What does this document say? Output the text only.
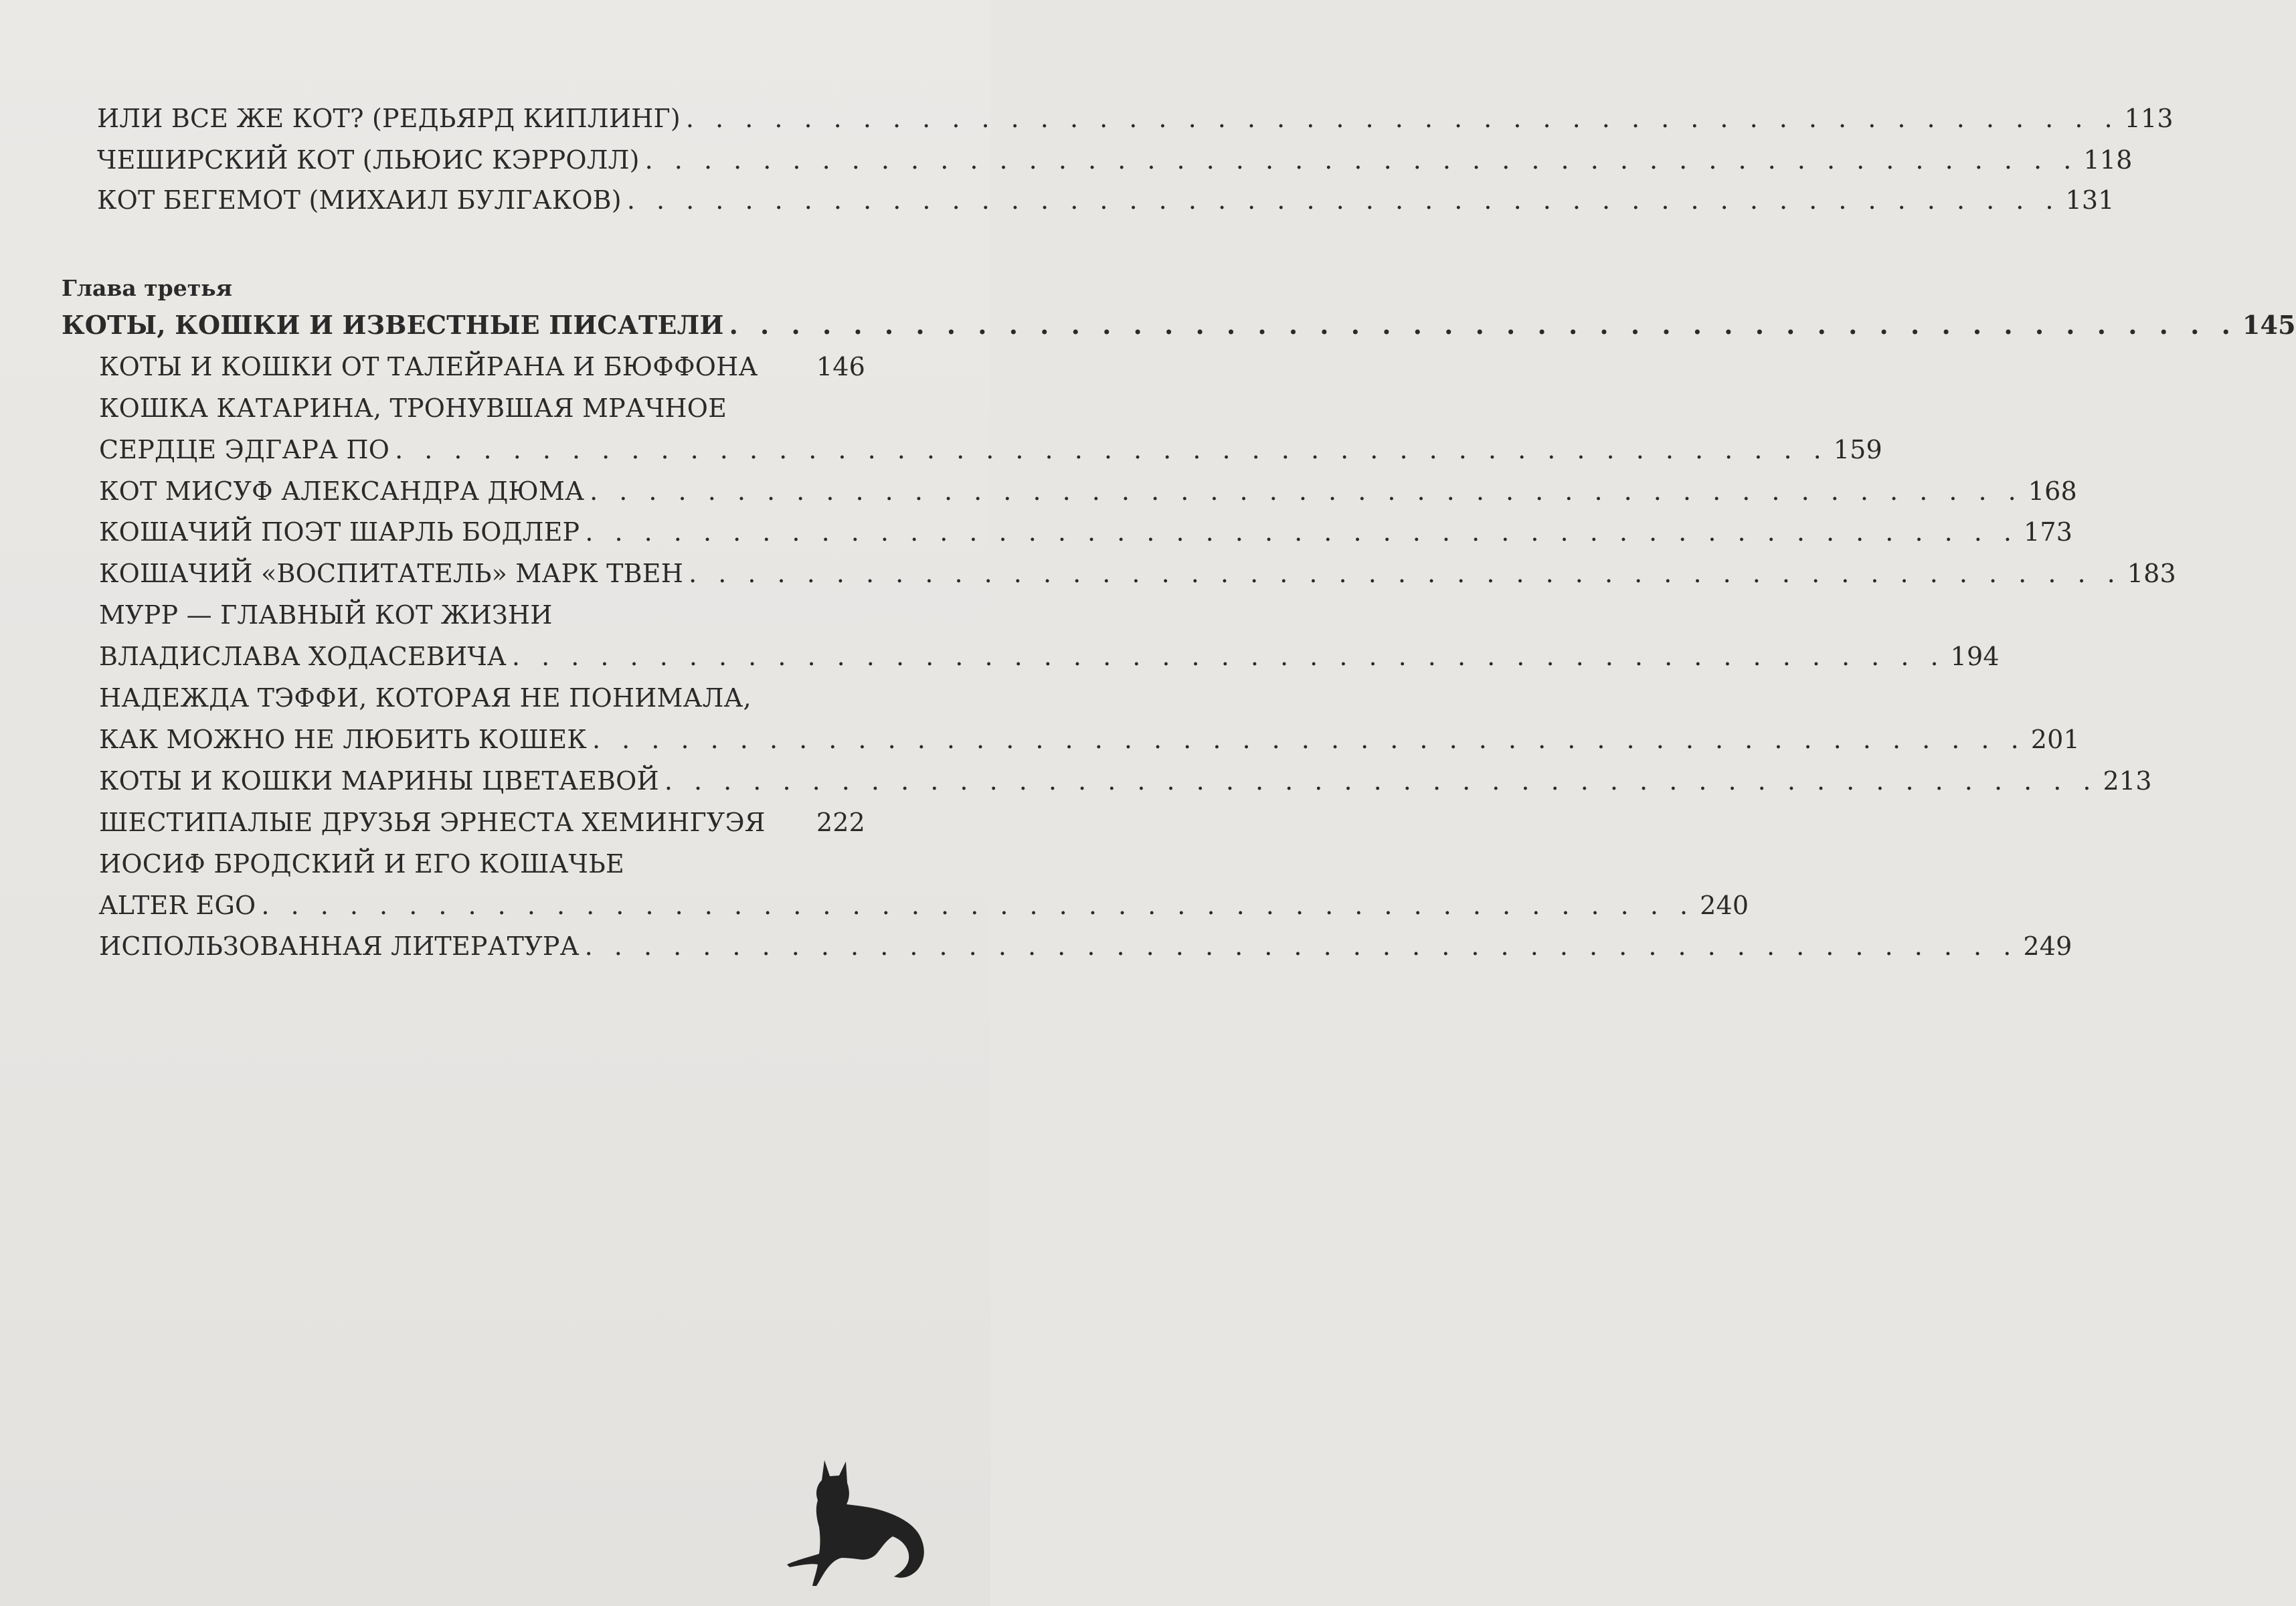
ИЛИ ВСЕ ЖЕ КОТ? (РЕДЬЯРД КИПЛИНГ) . . . . . . . . . . . . . . . . . . . . . . . . . . . . . . . . . . . . . . . . . . . . . . . . . 113
ЧЕШИРСКИЙ КОТ (ЛЬЮИС КЭРРОЛЛ) . . . . . . . . . . . . . . . . . . . . . . . . . . . . . . . . . . . . . . . . . . . . . . . . . 118
КОТ БЕГЕМОТ (МИХАИЛ БУЛГАКОВ) . . . . . . . . . . . . . . . . . . . . . . . . . . . . . . . . . . . . . . . . . . . . . . . . . 131
Глава третья
КОТЫ, КОШКИ И ИЗВЕСТНЫЕ ПИСАТЕЛИ . . . . . . . . . . . . . . . . . . . . . . . . . . . . . . . . . . . . . . . . . . . . . . . . . 145
КОТЫ И КОШКИ ОТ ТАЛЕЙРАНА И БЮФФОНА 146
КОШКА КАТАРИНА, ТРОНУВШАЯ МРАЧНОЕ
СЕРДЦЕ ЭДГАРА ПО . . . . . . . . . . . . . . . . . . . . . . . . . . . . . . . . . . . . . . . . . . . . . . . . . 159
КОТ МИСУФ АЛЕКСАНДРА ДЮМА . . . . . . . . . . . . . . . . . . . . . . . . . . . . . . . . . . . . . . . . . . . . . . . . . 168
КОШАЧИЙ ПОЭТ ШАРЛЬ БОДЛЕР . . . . . . . . . . . . . . . . . . . . . . . . . . . . . . . . . . . . . . . . . . . . . . . . . 173
КОШАЧИЙ «ВОСПИТАТЕЛЬ» МАРК ТВЕН . . . . . . . . . . . . . . . . . . . . . . . . . . . . . . . . . . . . . . . . . . . . . . . . . 183
МУРР — ГЛАВНЫЙ КОТ ЖИЗНИ
ВЛАДИСЛАВА ХОДАСЕВИЧА . . . . . . . . . . . . . . . . . . . . . . . . . . . . . . . . . . . . . . . . . . . . . . . . . 194
НАДЕЖДА ТЭФФИ, КОТОРАЯ НЕ ПОНИМАЛА,
КАК МОЖНО НЕ ЛЮБИТЬ КОШЕК . . . . . . . . . . . . . . . . . . . . . . . . . . . . . . . . . . . . . . . . . . . . . . . . . 201
КОТЫ И КОШКИ МАРИНЫ ЦВЕТАЕВОЙ . . . . . . . . . . . . . . . . . . . . . . . . . . . . . . . . . . . . . . . . . . . . . . . . . 213
ШЕСТИПАЛЫЕ ДРУЗЬЯ ЭРНЕСТА ХЕМИНГУЭЯ 222
ИОСИФ БРОДСКИЙ И ЕГО КОШАЧЬЕ
ALTER EGO . . . . . . . . . . . . . . . . . . . . . . . . . . . . . . . . . . . . . . . . . . . . . . . . . 240
ИСПОЛЬЗОВАННАЯ ЛИТЕРАТУРА . . . . . . . . . . . . . . . . . . . . . . . . . . . . . . . . . . . . . . . . . . . . . . . . . 249
